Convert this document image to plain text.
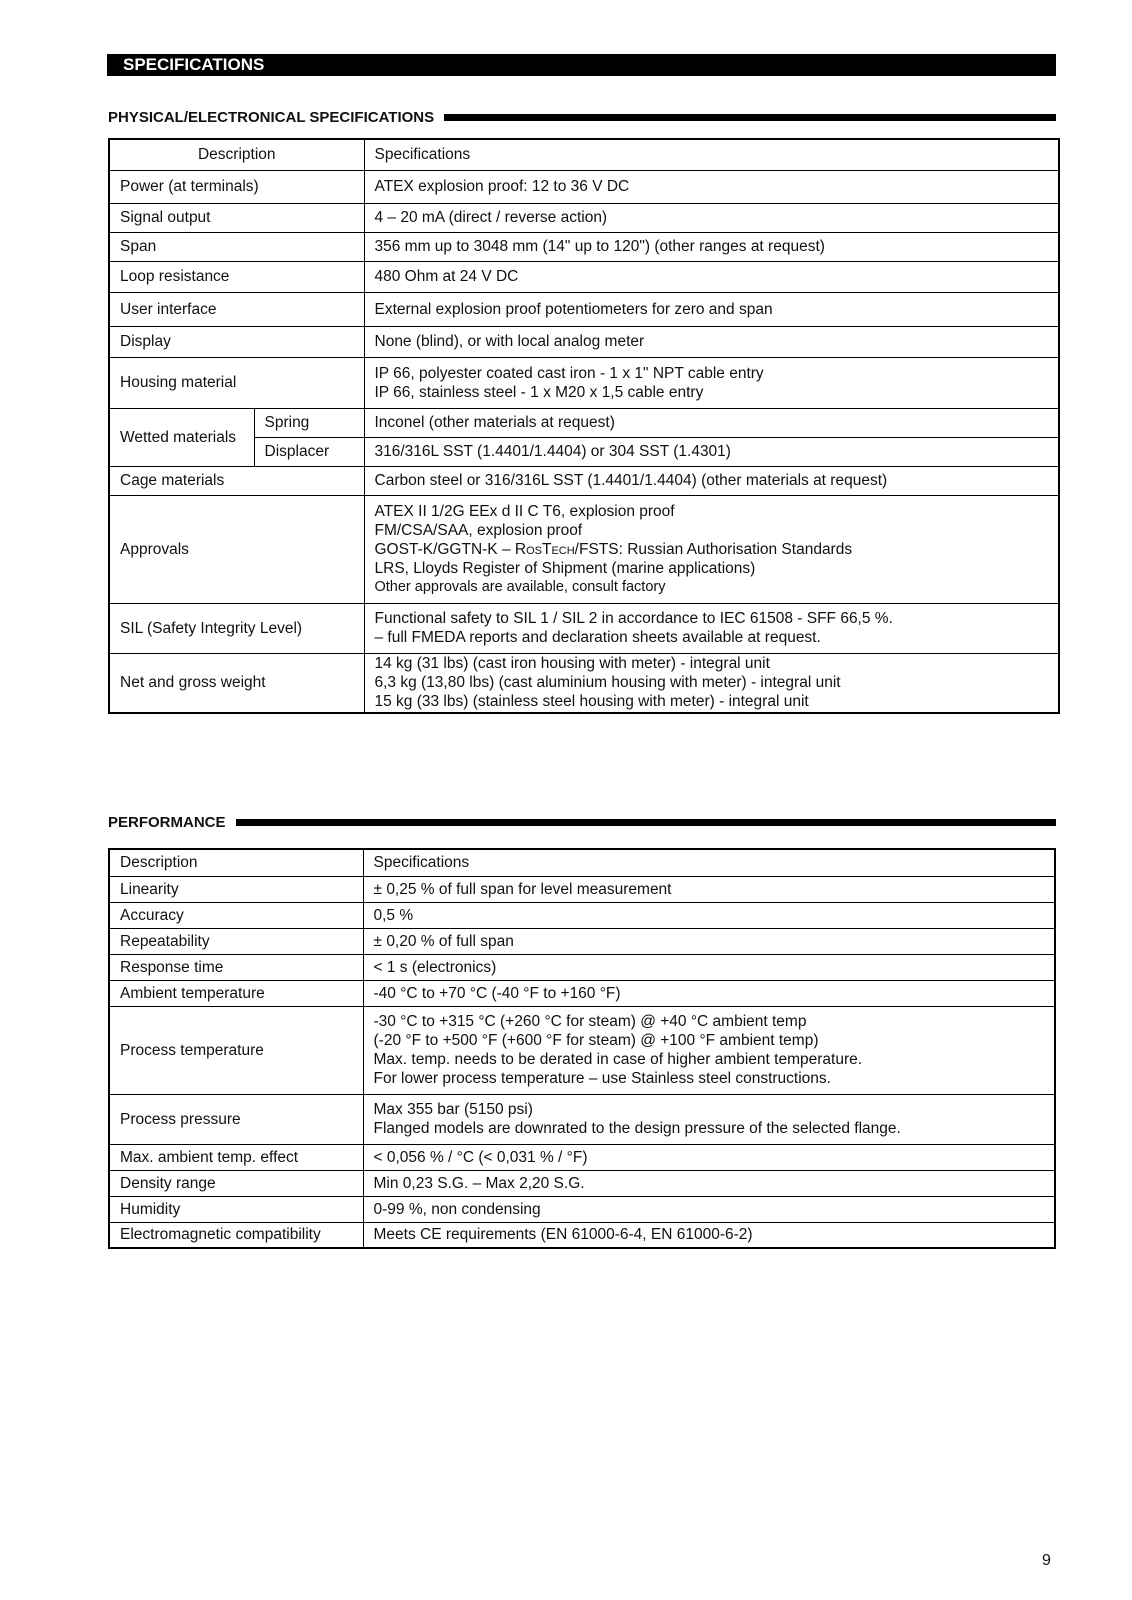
SPECIFICATIONS
PHYSICAL/ELECTRONICAL SPECIFICATIONS
Description		Specifications
Power (at terminals)		ATEX explosion proof: 12 to 36 V DC
Signal output		4 – 20 mA (direct / reverse action)
Span		356 mm up to 3048 mm (14" up to 120") (other ranges at request)
Loop resistance		480 Ohm at 24 V DC
User interface		External explosion proof potentiometers for zero and span
Display		None (blind), or with local analog meter
Housing material		IP 66, polyester coated cast iron - 1 x 1" NPT cable entry
IP 66, stainless steel - 1 x M20 x 1,5 cable entry

Wetted materials	Spring	Inconel (other materials at request)
	Displacer	316/316L SST (1.4401/1.4404) or 304 SST (1.4301)
Cage materials		Carbon steel or 316/316L SST (1.4401/1.4404) (other materials at request)
Approvals		ATEX II 1/2G EEx d II C T6, explosion proof
FM/CSA/SAA, explosion proof
GOST-K/GGTN-K – RosTech/FSTS: Russian Authorisation Standards
LRS, Lloyds Register of Shipment (marine applications)
Other approvals are available, consult factory

SIL (Safety Integrity Level)		Functional safety to SIL 1 / SIL 2 in accordance to IEC 61508 - SFF 66,5 %.
– full FMEDA reports and declaration sheets available at request.

Net and gross weight		14 kg (31 lbs) (cast iron housing with meter) - integral unit
6,3 kg (13,80 lbs) (cast aluminium housing with meter) - integral unit
15 kg (33 lbs) (stainless steel housing with meter) - integral unit
PERFORMANCE
Description	Specifications
Linearity	± 0,25 % of full span for level measurement
Accuracy	0,5 %
Repeatability	± 0,20 % of full span
Response time	< 1 s (electronics)
Ambient temperature	-40 °C to +70 °C (-40 °F to +160 °F)
Process temperature	-30 °C to +315 °C (+260 °C for steam) @ +40 °C ambient temp
(-20 °F to +500 °F (+600 °F for steam) @ +100 °F ambient temp)
Max. temp. needs to be derated in case of higher ambient temperature.
For lower process temperature – use Stainless steel constructions.

Process pressure	Max 355 bar (5150 psi)
Flanged models are downrated to the design pressure of the selected flange.

Max. ambient temp. effect	< 0,056 % / °C (< 0,031 % / °F)
Density range	Min 0,23 S.G. – Max 2,20 S.G.
Humidity	0-99 %, non condensing
Electromagnetic compatibility	Meets CE requirements (EN 61000-6-4, EN 61000-6-2)
9
